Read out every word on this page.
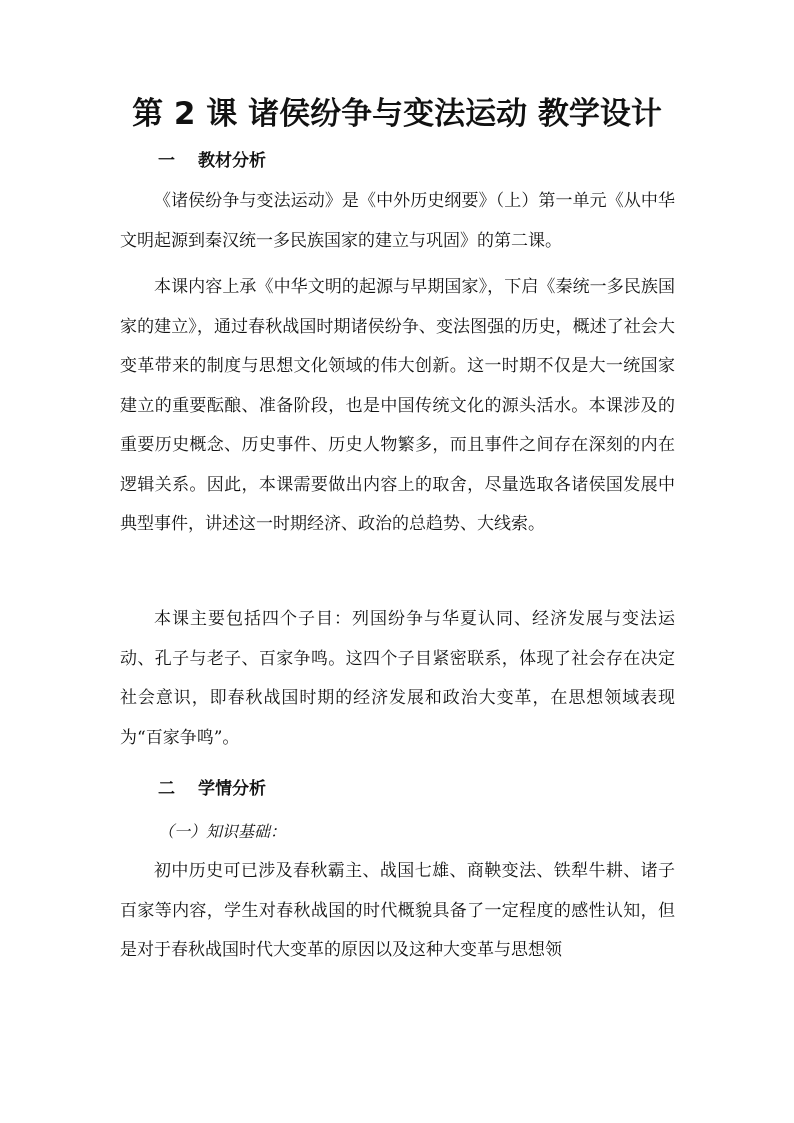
第 2 课 诸侯纷争与变法运动 教学设计
一 教材分析

《诸侯纷争与变法运动》是《中外历史纲要》（上）第一单元《从中华文明起源到秦汉统一多民族国家的建立与巩固》的第二课。

本课内容上承《中华文明的起源与早期国家》，下启《秦统一多民族国家的建立》，通过春秋战国时期诸侯纷争、变法图强的历史，概述了社会大变革带来的制度与思想文化领域的伟大创新。这一时期不仅是大一统国家建立的重要酝酿、准备阶段，也是中国传统文化的源头活水。本课涉及的重要历史概念、历史事件、历史人物繁多，而且事件之间存在深刻的内在逻辑关系。因此，本课需要做出内容上的取舍，尽量选取各诸侯国发展中典型事件，讲述这一时期经济、政治的总趋势、大线索。

本课主要包括四个子目：列国纷争与华夏认同、经济发展与变法运动、孔子与老子、百家争鸣。这四个子目紧密联系，体现了社会存在决定社会意识，即春秋战国时期的经济发展和政治大变革，在思想领域表现为“百家争鸣”。

二 学情分析

（一）知识基础：

初中历史可已涉及春秋霸主、战国七雄、商鞅变法、铁犁牛耕、诸子百家等内容，学生对春秋战国的时代概貌具备了一定程度的感性认知，但是对于春秋战国时代大变革的原因以及这种大变革与思想领
